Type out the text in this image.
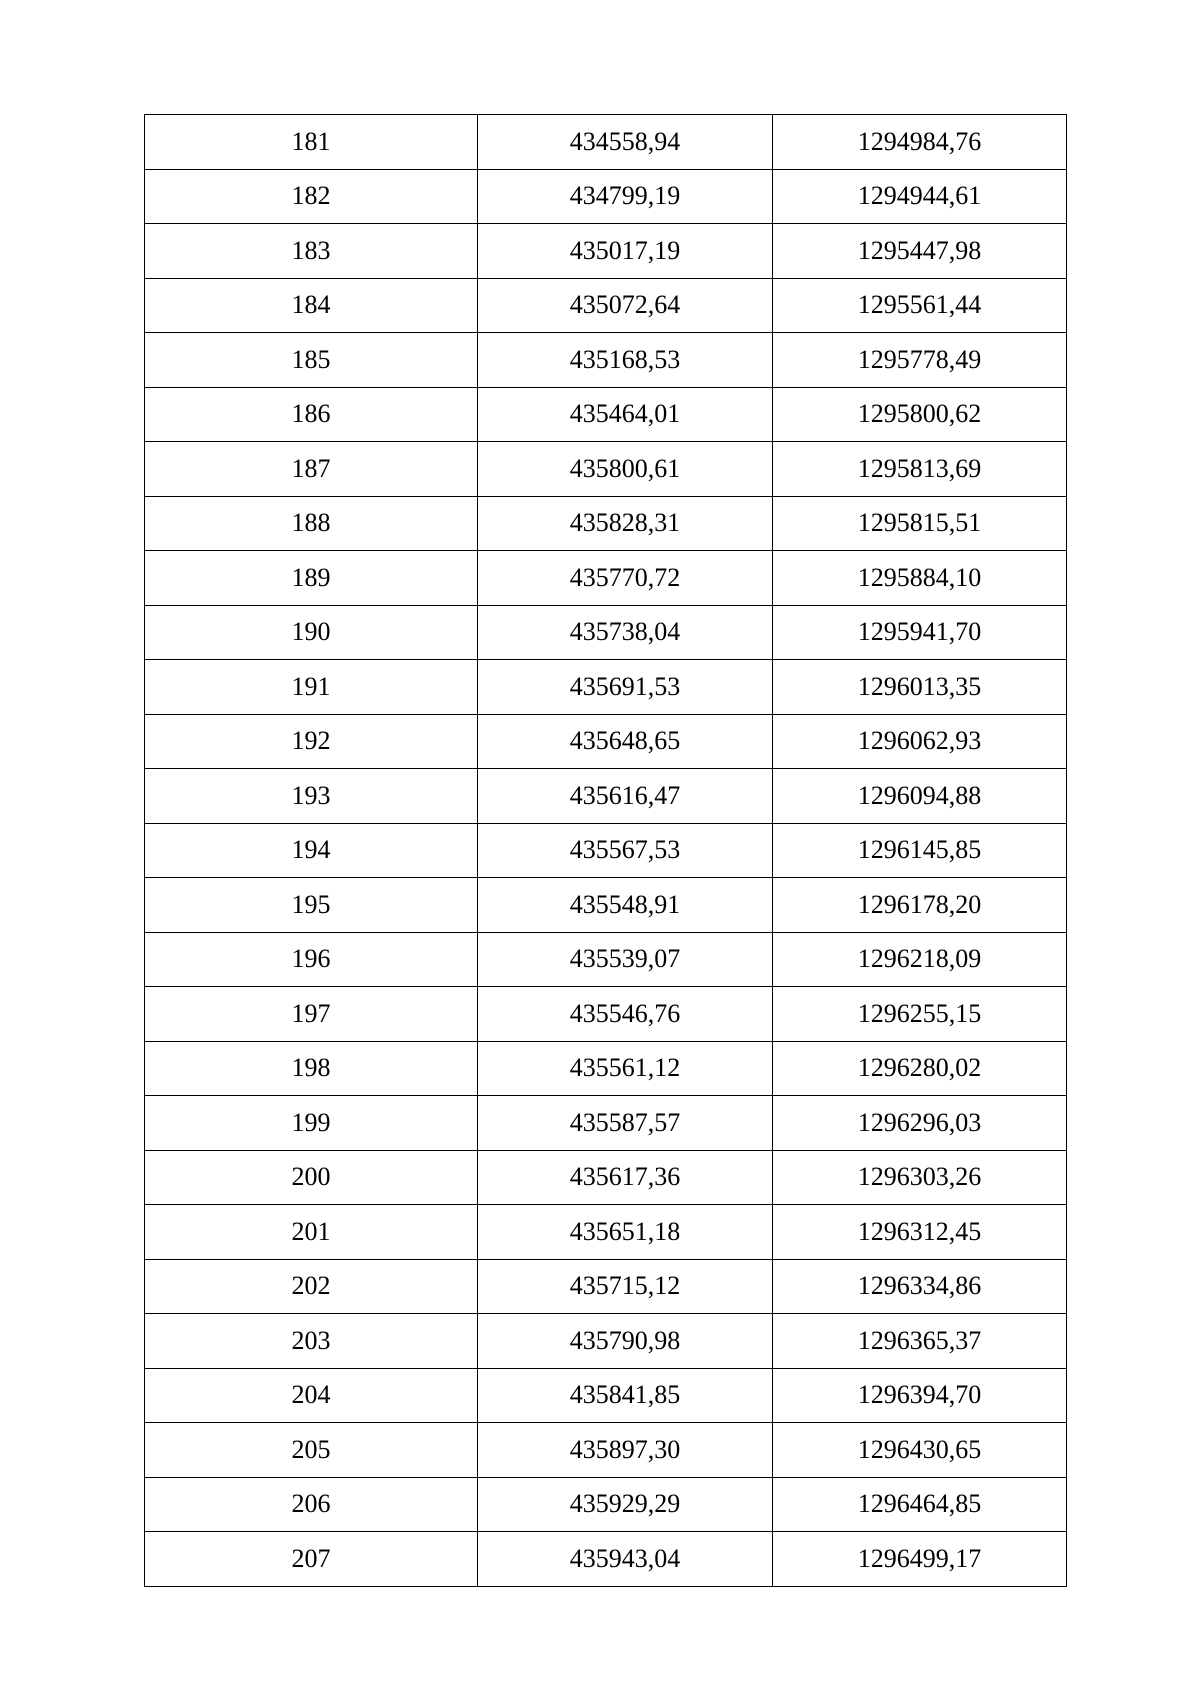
181	434558,94	1294984,76
182	434799,19	1294944,61
183	435017,19	1295447,98
184	435072,64	1295561,44
185	435168,53	1295778,49
186	435464,01	1295800,62
187	435800,61	1295813,69
188	435828,31	1295815,51
189	435770,72	1295884,10
190	435738,04	1295941,70
191	435691,53	1296013,35
192	435648,65	1296062,93
193	435616,47	1296094,88
194	435567,53	1296145,85
195	435548,91	1296178,20
196	435539,07	1296218,09
197	435546,76	1296255,15
198	435561,12	1296280,02
199	435587,57	1296296,03
200	435617,36	1296303,26
201	435651,18	1296312,45
202	435715,12	1296334,86
203	435790,98	1296365,37
204	435841,85	1296394,70
205	435897,30	1296430,65
206	435929,29	1296464,85
207	435943,04	1296499,17
